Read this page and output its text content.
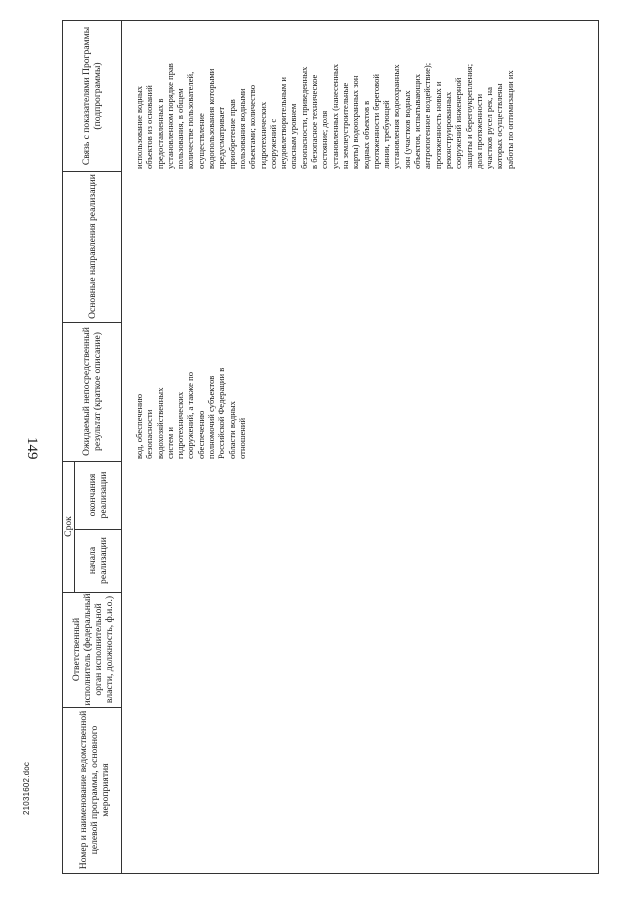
149
21031602.doc	Номер и наименование ведомственной целевой программы, основного мероприятия
Ответственный исполнитель (федеральный орган исполнительной власти, должность, ф.и.о.)
Срок
начала реализации
окончания реализации
Ожидаемый непосредственный результат (краткое описание)
Основные направления реализации
Связь с показателями Программы (подпрограммы)
вод, обеспечению безопасности водохозяйственных систем и гидротехнических сооружений, а также по обеспечению полномочий субъектов Российской Федерации в области водных отношений
использование водных объектов из оснований предоставленных в установленном порядке прав пользования, в общем количестве пользователей, осуществление водопользования которыми предусматривает приобретение прав пользования водными объектами; количество гидротехнических сооружений с неудовлетворительным и опасным уровнем безопасности, приведенных в безопасное техническое состояние; доля установленных (нанесенных на землеустроительные карты) водоохранных зон водных объектов в протяженности береговой линии, требующей установления водоохранных зон (участков водных объектов, испытывающих антропогенное воздействие); протяженность новых и реконструированных сооружений инженерной защиты и берегоукрепления; доля протяженности участков русел рек, на которых осуществлены работы по оптимизации их
